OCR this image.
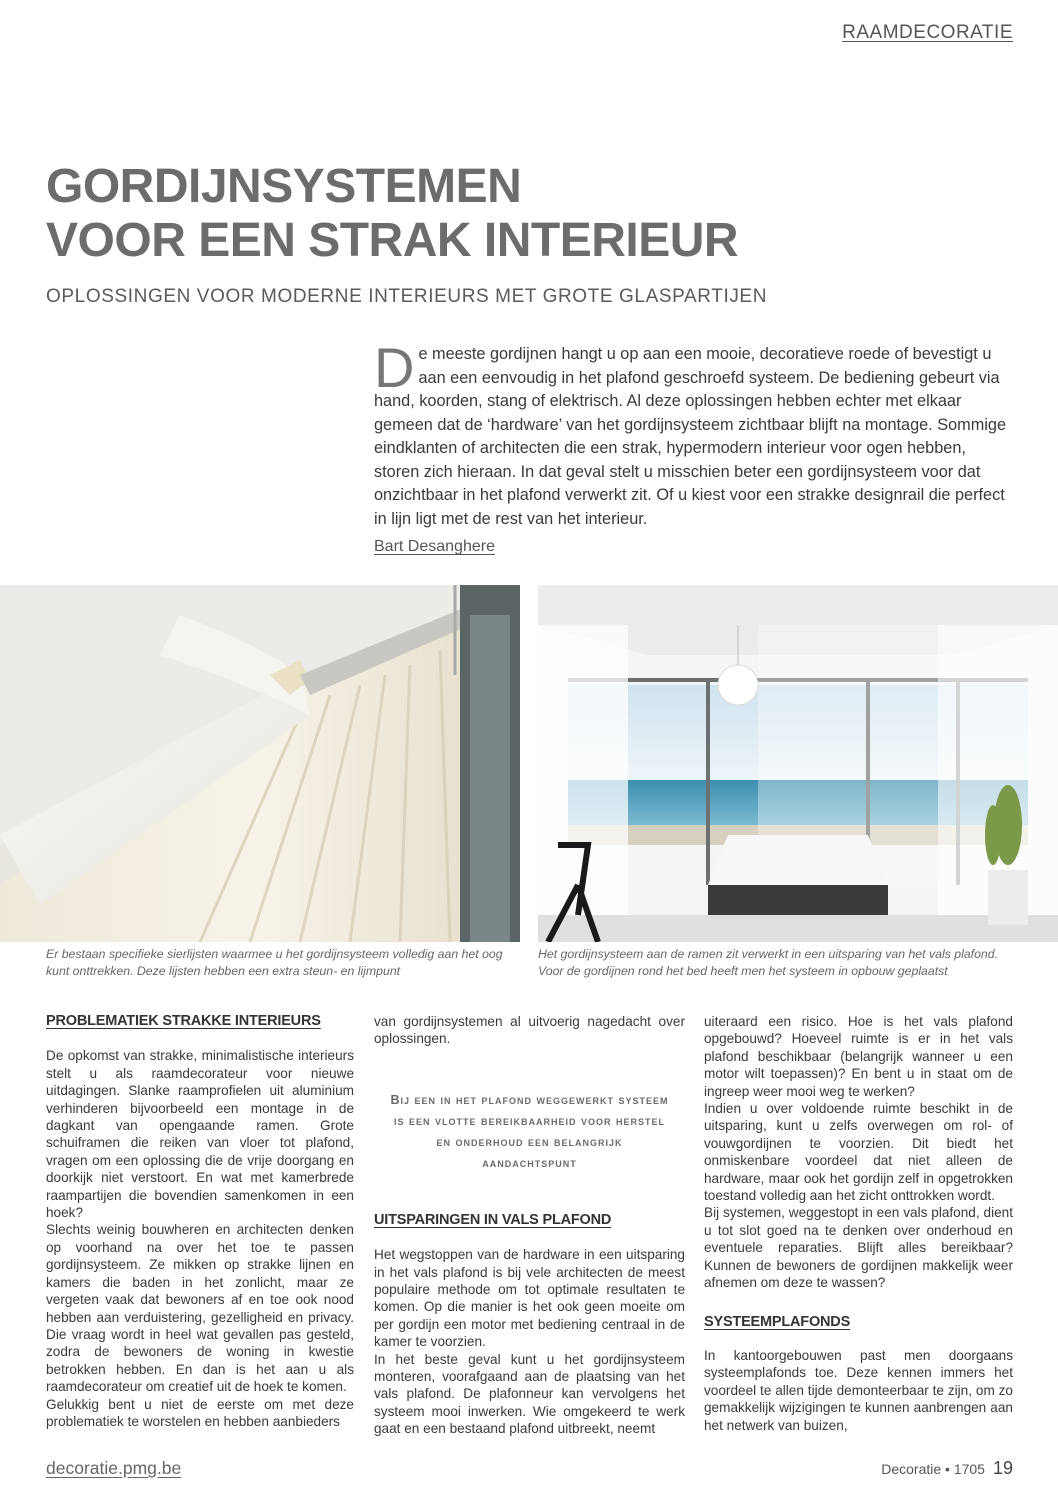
RAAMDECORATIE
GORDIJNSYSTEMEN
VOOR EEN STRAK INTERIEUR
OPLOSSINGEN VOOR MODERNE INTERIEURS MET GROTE GLASPARTIJEN
De meeste gordijnen hangt u op aan een mooie, decoratieve roede of bevestigt u aan een eenvoudig in het plafond geschroefd systeem. De bediening gebeurt via hand, koorden, stang of elektrisch. Al deze oplossingen hebben echter met elkaar gemeen dat de ‘hardware’ van het gordijnsysteem zichtbaar blijft na montage. Sommige eindklanten of architecten die een strak, hypermodern interieur voor ogen hebben, storen zich hieraan. In dat geval stelt u misschien beter een gordijnsysteem voor dat onzichtbaar in het plafond verwerkt zit. Of u kiest voor een strakke designrail die perfect in lijn ligt met de rest van het interieur.
Bart Desanghere
Er bestaan specifieke sierlijsten waarmee u het gordijnsysteem volledig aan het oog kunt onttrekken. Deze lijsten hebben een extra steun- en lijmpunt
Het gordijnsysteem aan de ramen zit verwerkt in een uitsparing van het vals plafond. Voor de gordijnen rond het bed heeft men het systeem in opbouw geplaatst
PROBLEMATIEK STRAKKE INTERIEURS

De opkomst van strakke, minimalistische interieurs stelt u als raamdecorateur voor nieuwe uitdagingen. Slanke raamprofielen uit aluminium verhinderen bijvoorbeeld een montage in de dagkant van opengaande ramen. Grote schuiframen die reiken van vloer tot plafond, vragen om een oplossing die de vrije doorgang en doorkijk niet verstoort. En wat met kamerbrede raampartijen die bovendien samenkomen in een hoek?

Slechts weinig bouwheren en architecten denken op voorhand na over het toe te passen gordijnsysteem. Ze mikken op strakke lijnen en kamers die baden in het zonlicht, maar ze vergeten vaak dat bewoners af en toe ook nood hebben aan verduistering, gezelligheid en privacy. Die vraag wordt in heel wat gevallen pas gesteld, zodra de bewoners de woning in kwestie betrokken hebben. En dan is het aan u als raamdecorateur om creatief uit de hoek te komen.

Gelukkig bent u niet de eerste om met deze problematiek te worstelen en hebben aanbieders

van gordijnsystemen al uitvoerig nagedacht over oplossingen.

Bij een in het plafond weggewerkt systeem is een vlotte bereikbaarheid voor herstel en onderhoud een belangrijk aandachtspunt
UITSPARINGEN IN VALS PLAFOND

Het wegstoppen van de hardware in een uitsparing in het vals plafond is bij vele architecten de meest populaire methode om tot optimale resultaten te komen. Op die manier is het ook geen moeite om per gordijn een motor met bediening centraal in de kamer te voorzien.

In het beste geval kunt u het gordijnsysteem monteren, voorafgaand aan de plaatsing van het vals plafond. De plafonneur kan vervolgens het systeem mooi inwerken. Wie omgekeerd te werk gaat en een bestaand plafond uitbreekt, neemt

uiteraard een risico. Hoe is het vals plafond opgebouwd? Hoeveel ruimte is er in het vals plafond beschikbaar (belangrijk wanneer u een motor wilt toepassen)? En bent u in staat om de ingreep weer mooi weg te werken?

Indien u over voldoende ruimte beschikt in de uitsparing, kunt u zelfs overwegen om rol- of vouwgordijnen te voorzien. Dit biedt het onmiskenbare voordeel dat niet alleen de hardware, maar ook het gordijn zelf in opgetrokken toestand volledig aan het zicht onttrokken wordt.

Bij systemen, weggestopt in een vals plafond, dient u tot slot goed na te denken over onderhoud en eventuele reparaties. Blijft alles bereikbaar? Kunnen de bewoners de gordijnen makkelijk weer afnemen om deze te wassen?

SYSTEEMPLAFONDS

In kantoorgebouwen past men doorgaans systeemplafonds toe. Deze kennen immers het voordeel te allen tijde demonteerbaar te zijn, om zo gemakkelijk wijzigingen te kunnen aanbrengen aan het netwerk van buizen,

decoratie.pmg.be	Decoratie • 1705 19
